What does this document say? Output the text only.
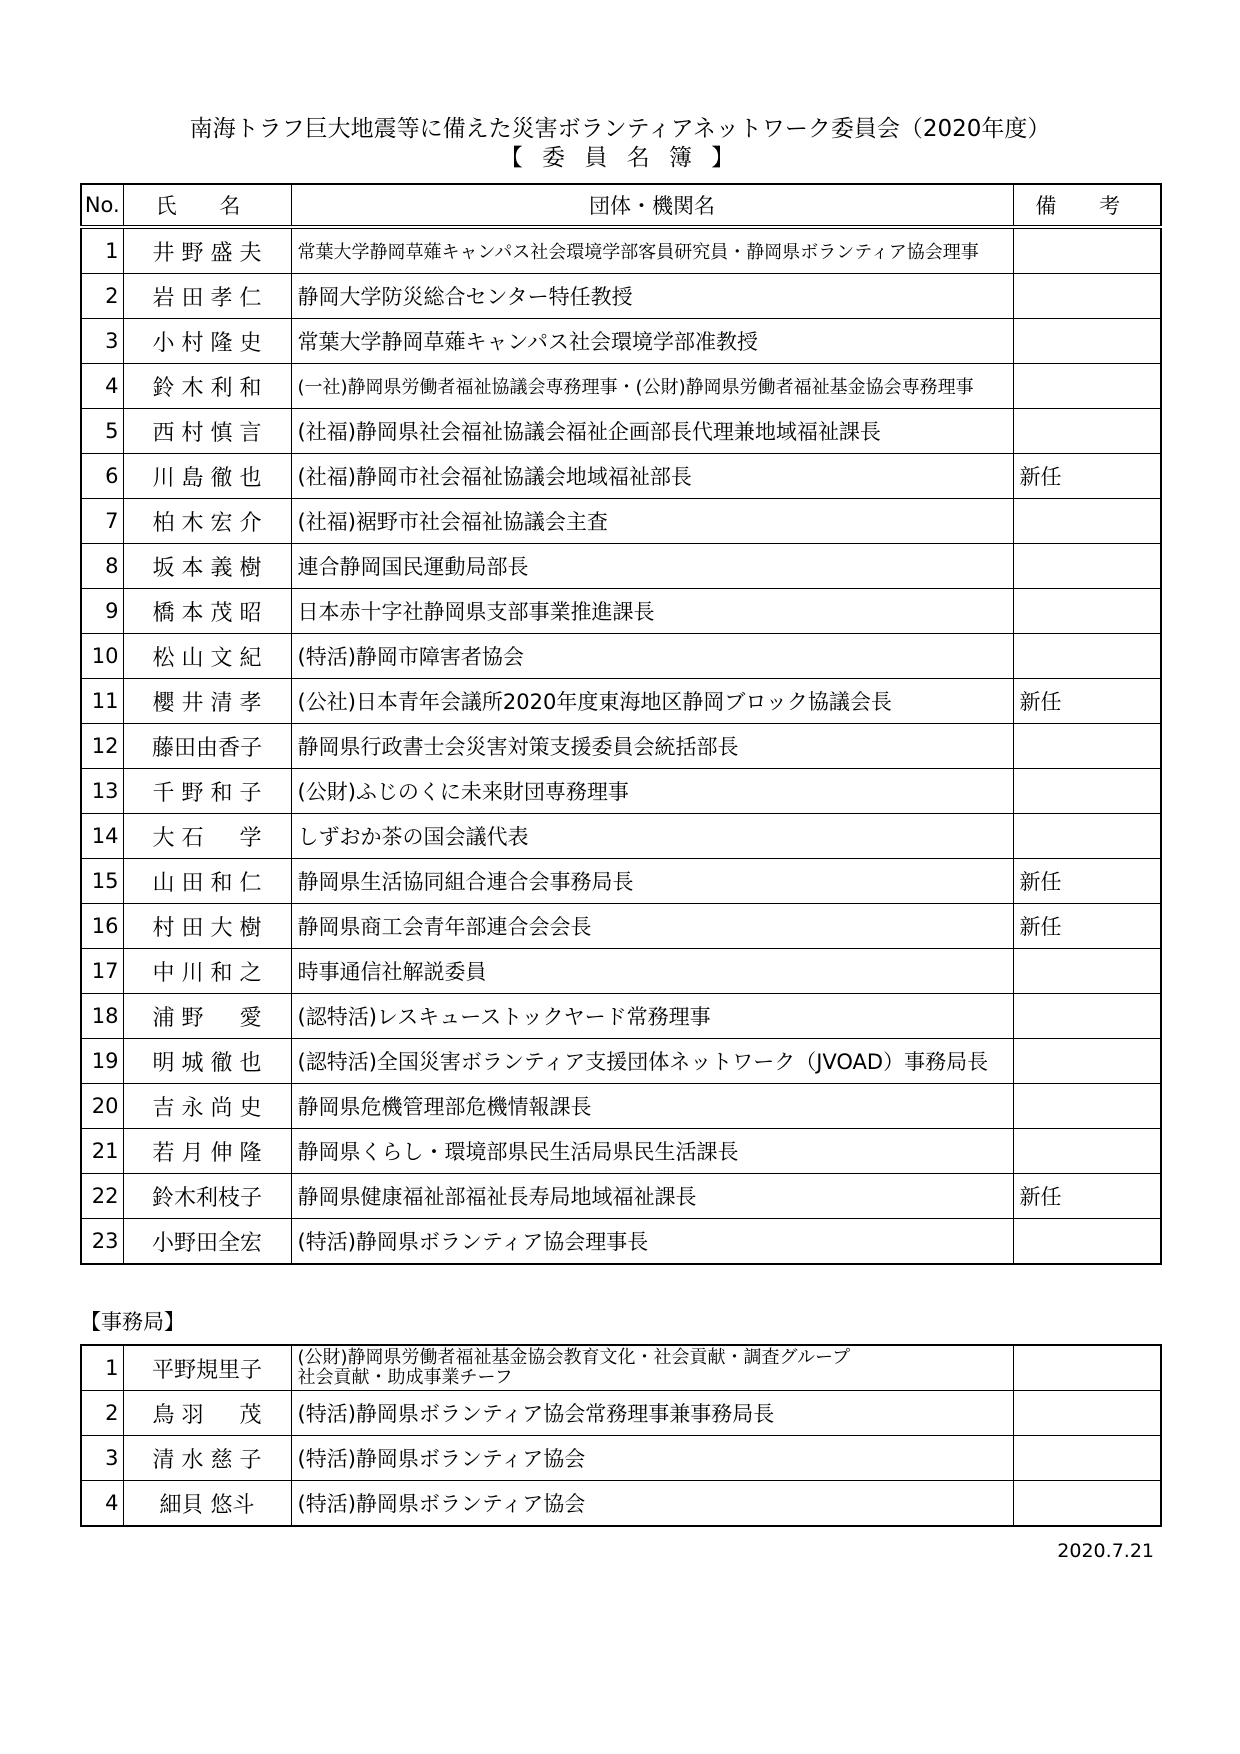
南海トラフ巨大地震等に備えた災害ボランティアネットワーク委員会（2020年度）
【 委 員 名 簿 】
No.	氏 名	団体・機関名	備 考
1	井 野 盛 夫	常葉大学静岡草薙キャンパス社会環境学部客員研究員・静岡県ボランティア協会理事	
2	岩 田 孝 仁	静岡大学防災総合センター特任教授	
3	小 村 隆 史	常葉大学静岡草薙キャンパス社会環境学部准教授	
4	鈴 木 利 和	(一社)静岡県労働者福祉協議会専務理事・(公財)静岡県労働者福祉基金協会専務理事	
5	西 村 慎 言	(社福)静岡県社会福祉協議会福祉企画部長代理兼地域福祉課長	
6	川 島 徹 也	(社福)静岡市社会福祉協議会地域福祉部長	新任
7	柏 木 宏 介	(社福)裾野市社会福祉協議会主査	
8	坂 本 義 樹	連合静岡国民運動局部長	
9	橋 本 茂 昭	日本赤十字社静岡県支部事業推進課長	
10	松 山 文 紀	(特活)静岡市障害者協会	
11	櫻 井 清 孝	(公社)日本青年会議所2020年度東海地区静岡ブロック協議会長	新任
12	藤田由香子	静岡県行政書士会災害対策支援委員会統括部長	
13	千 野 和 子	(公財)ふじのくに未来財団専務理事	
14	大 石 　 学	しずおか茶の国会議代表	
15	山 田 和 仁	静岡県生活協同組合連合会事務局長	新任
16	村 田 大 樹	静岡県商工会青年部連合会会長	新任
17	中 川 和 之	時事通信社解説委員	
18	浦 野 　 愛	(認特活)レスキューストックヤード常務理事	
19	明 城 徹 也	(認特活)全国災害ボランティア支援団体ネットワーク（JVOAD）事務局長	
20	吉 永 尚 史	静岡県危機管理部危機情報課長	
21	若 月 伸 隆	静岡県くらし・環境部県民生活局県民生活課長	
22	鈴木利枝子	静岡県健康福祉部福祉長寿局地域福祉課長	新任
23	小野田全宏	(特活)静岡県ボランティア協会理事長	
【事務局】
1	平野規里子	(公財)静岡県労働者福祉基金協会教育文化・社会貢献・調査グループ
社会貢献・助成事業チーフ	

2	鳥 羽 　 茂	(特活)静岡県ボランティア協会常務理事兼事務局長	
3	清 水 慈 子	(特活)静岡県ボランティア協会	
4	細貝 悠斗	(特活)静岡県ボランティア協会	
2020.7.21
